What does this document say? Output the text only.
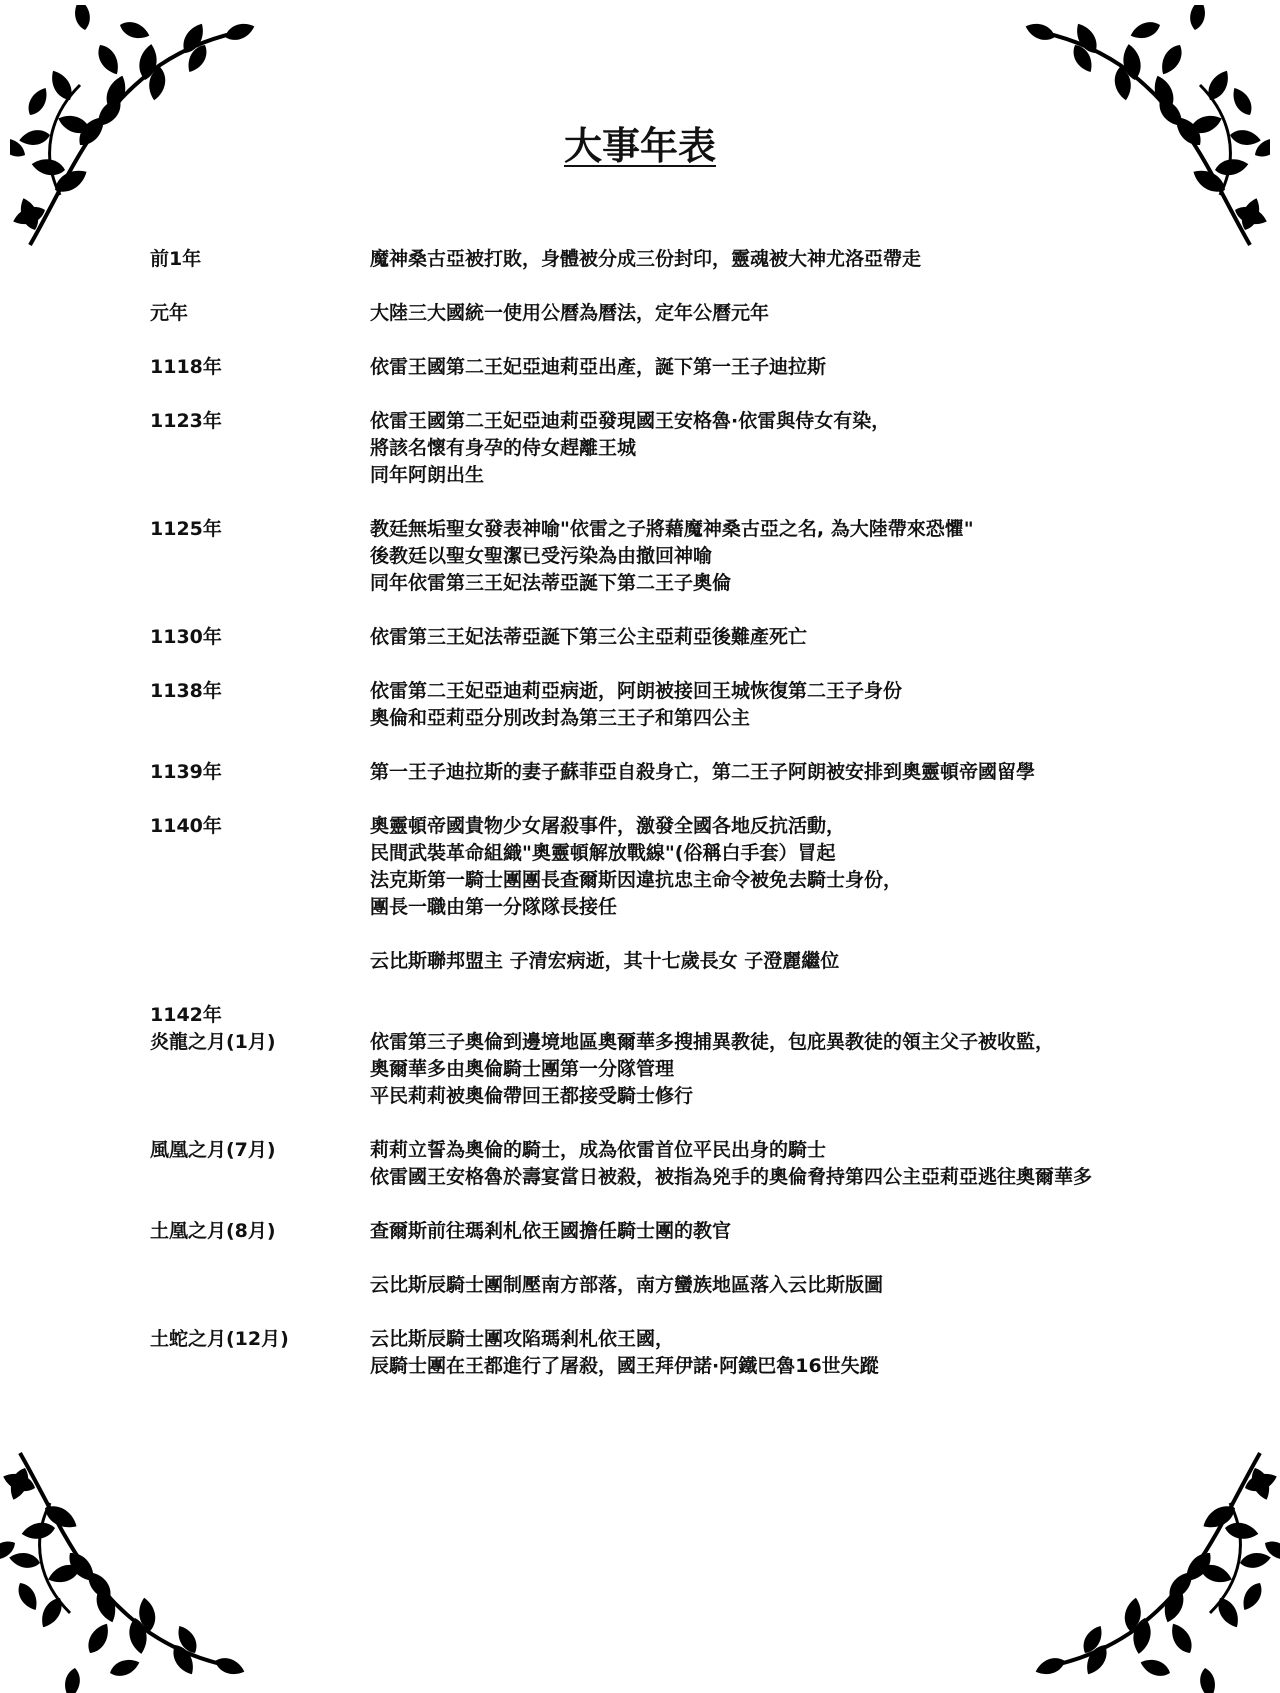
大事年表
前1年	魔神桑古亞被打敗，身體被分成三份封印，靈魂被大神尤洛亞帶走
元年	大陸三大國統一使用公曆為曆法，定年公曆元年
1118年	依雷王國第二王妃亞迪莉亞出產，誕下第一王子迪拉斯
1123年	依雷王國第二王妃亞迪莉亞發現國王安格魯·依雷與侍女有染，
將該名懷有身孕的侍女趕離王城
同年阿朗出生
1125年	教廷無垢聖女發表神喻"依雷之子將藉魔神桑古亞之名, 為大陸帶來恐懼"
後教廷以聖女聖潔已受污染為由撤回神喻
同年依雷第三王妃法蒂亞誕下第二王子奧倫
1130年	依雷第三王妃法蒂亞誕下第三公主亞莉亞後難產死亡
1138年	依雷第二王妃亞迪莉亞病逝，阿朗被接回王城恢復第二王子身份
奧倫和亞莉亞分別改封為第三王子和第四公主
1139年	第一王子迪拉斯的妻子蘇菲亞自殺身亡，第二王子阿朗被安排到奧靈頓帝國留學
1140年	奧靈頓帝國貴物少女屠殺事件，激發全國各地反抗活動，
民間武裝革命組織"奧靈頓解放戰線"(俗稱白手套）冒起
法克斯第一騎士團團長查爾斯因違抗忠主命令被免去騎士身份，
團長一職由第一分隊隊長接任
云比斯聯邦盟主 子清宏病逝，其十七歲長女 子澄麗繼位
1142年
炎龍之月(1月)	依雷第三子奧倫到邊境地區奧爾華多搜捕異教徒，包庇異教徒的領主父子被收監，
奧爾華多由奧倫騎士團第一分隊管理
平民莉莉被奧倫帶回王都接受騎士修行
風凰之月(7月)	莉莉立誓為奧倫的騎士，成為依雷首位平民出身的騎士
依雷國王安格魯於壽宴當日被殺，被指為兇手的奧倫脅持第四公主亞莉亞逃往奧爾華多
土凰之月(8月)	查爾斯前往瑪剎札依王國擔任騎士團的教官
云比斯辰騎士團制壓南方部落，南方蠻族地區落入云比斯版圖
土蛇之月(12月)	云比斯辰騎士團攻陷瑪剎札依王國，
辰騎士團在王都進行了屠殺，國王拜伊諾·阿鐵巴魯16世失蹤
